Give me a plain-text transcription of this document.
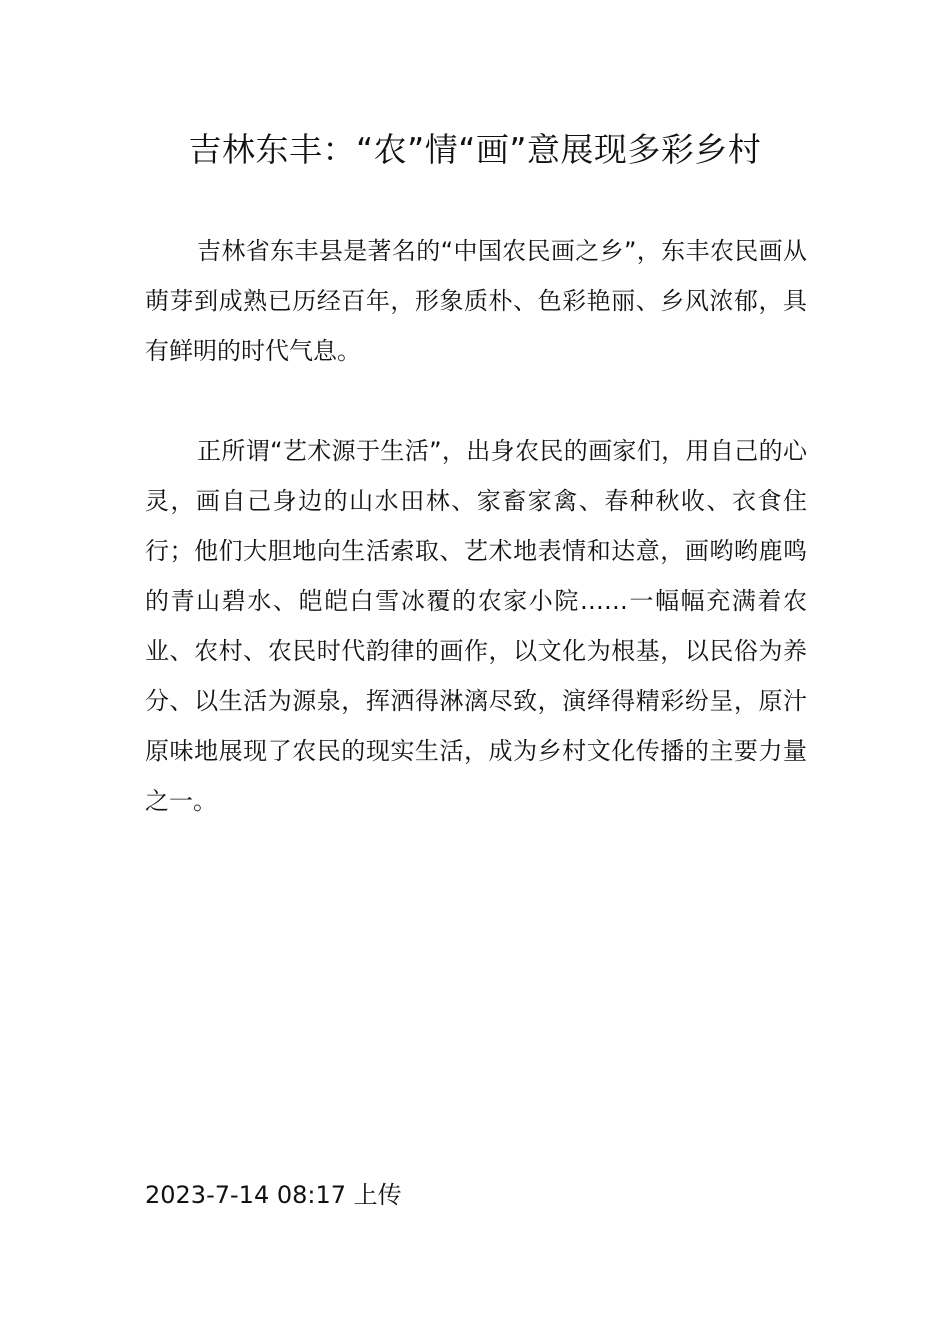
吉林东丰：“农”情“画”意展现多彩乡村

吉林省东丰县是著名的“中国农民画之乡”，东丰农民画从萌芽到成熟已历经百年，形象质朴、色彩艳丽、乡风浓郁，具有鲜明的时代气息。

正所谓“艺术源于生活”，出身农民的画家们，用自己的心灵，画自己身边的山水田林、家畜家禽、春种秋收、衣食住行；他们大胆地向生活索取、艺术地表情和达意，画哟哟鹿鸣的青山碧水、皑皑白雪冰覆的农家小院……一幅幅充满着农业、农村、农民时代韵律的画作，以文化为根基，以民俗为养分、以生活为源泉，挥洒得淋漓尽致，演绎得精彩纷呈，原汁原味地展现了农民的现实生活，成为乡村文化传播的主要力量之一。

2023-7-14 08:17 上传
